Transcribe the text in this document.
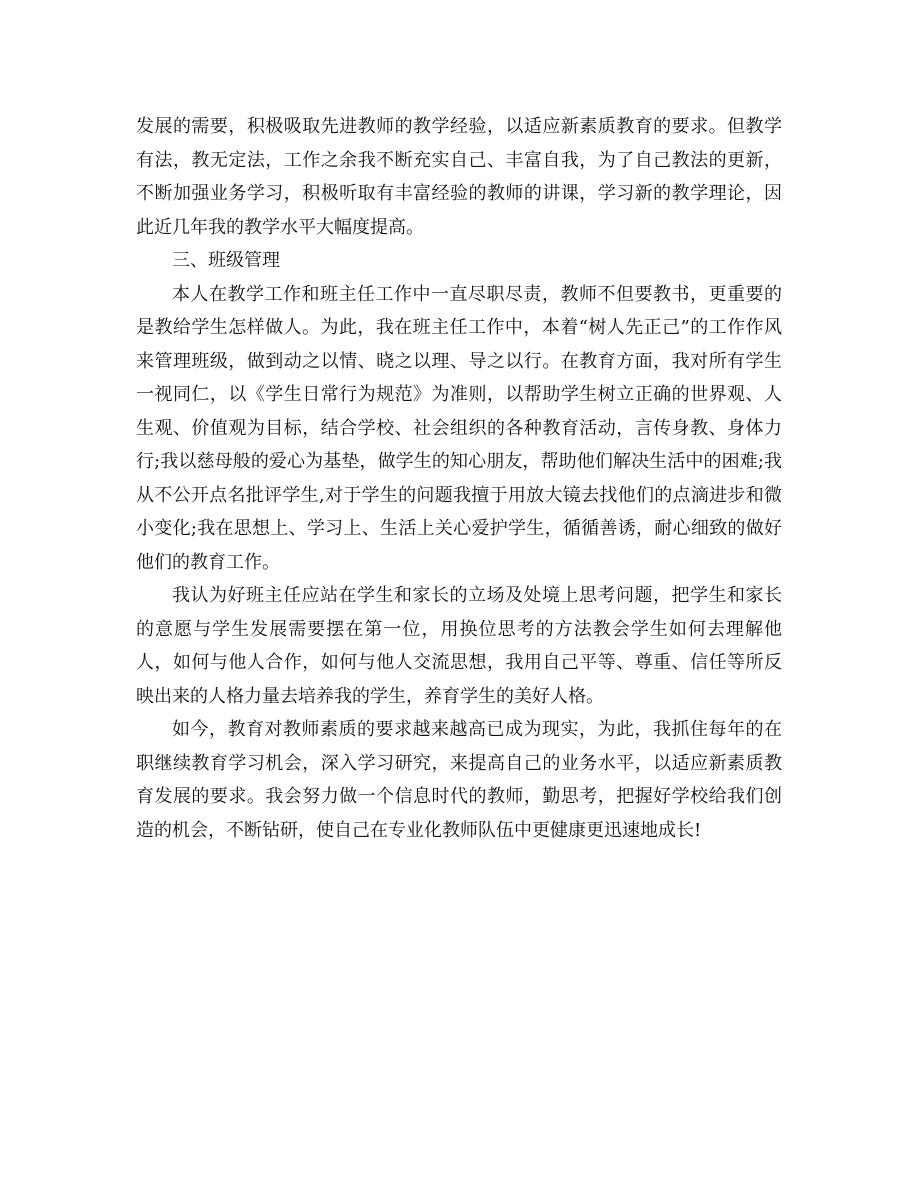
发展的需要，积极吸取先进教师的教学经验，以适应新素质教育的要求。但教学有法，教无定法，工作之余我不断充实自己、丰富自我，为了自己教法的更新，不断加强业务学习，积极听取有丰富经验的教师的讲课，学习新的教学理论，因此近几年我的教学水平大幅度提高。

三、班级管理

本人在教学工作和班主任工作中一直尽职尽责，教师不但要教书，更重要的是教给学生怎样做人。为此，我在班主任工作中，本着“树人先正己”的工作作风来管理班级，做到动之以情、晓之以理、导之以行。在教育方面，我对所有学生一视同仁，以《学生日常行为规范》为准则，以帮助学生树立正确的世界观、人生观、价值观为目标，结合学校、社会组织的各种教育活动，言传身教、身体力行;我以慈母般的爱心为基垫，做学生的知心朋友，帮助他们解决生活中的困难;我从不公开点名批评学生,对于学生的问题我擅于用放大镜去找他们的点滴进步和微小变化;我在思想上、学习上、生活上关心爱护学生，循循善诱，耐心细致的做好他们的教育工作。

我认为好班主任应站在学生和家长的立场及处境上思考问题，把学生和家长的意愿与学生发展需要摆在第一位，用换位思考的方法教会学生如何去理解他人，如何与他人合作，如何与他人交流思想，我用自己平等、尊重、信任等所反映出来的人格力量去培养我的学生，养育学生的美好人格。

如今，教育对教师素质的要求越来越高已成为现实，为此，我抓住每年的在职继续教育学习机会，深入学习研究，来提高自己的业务水平，以适应新素质教育发展的要求。我会努力做一个信息时代的教师，勤思考，把握好学校给我们创造的机会，不断钻研，使自己在专业化教师队伍中更健康更迅速地成长!
